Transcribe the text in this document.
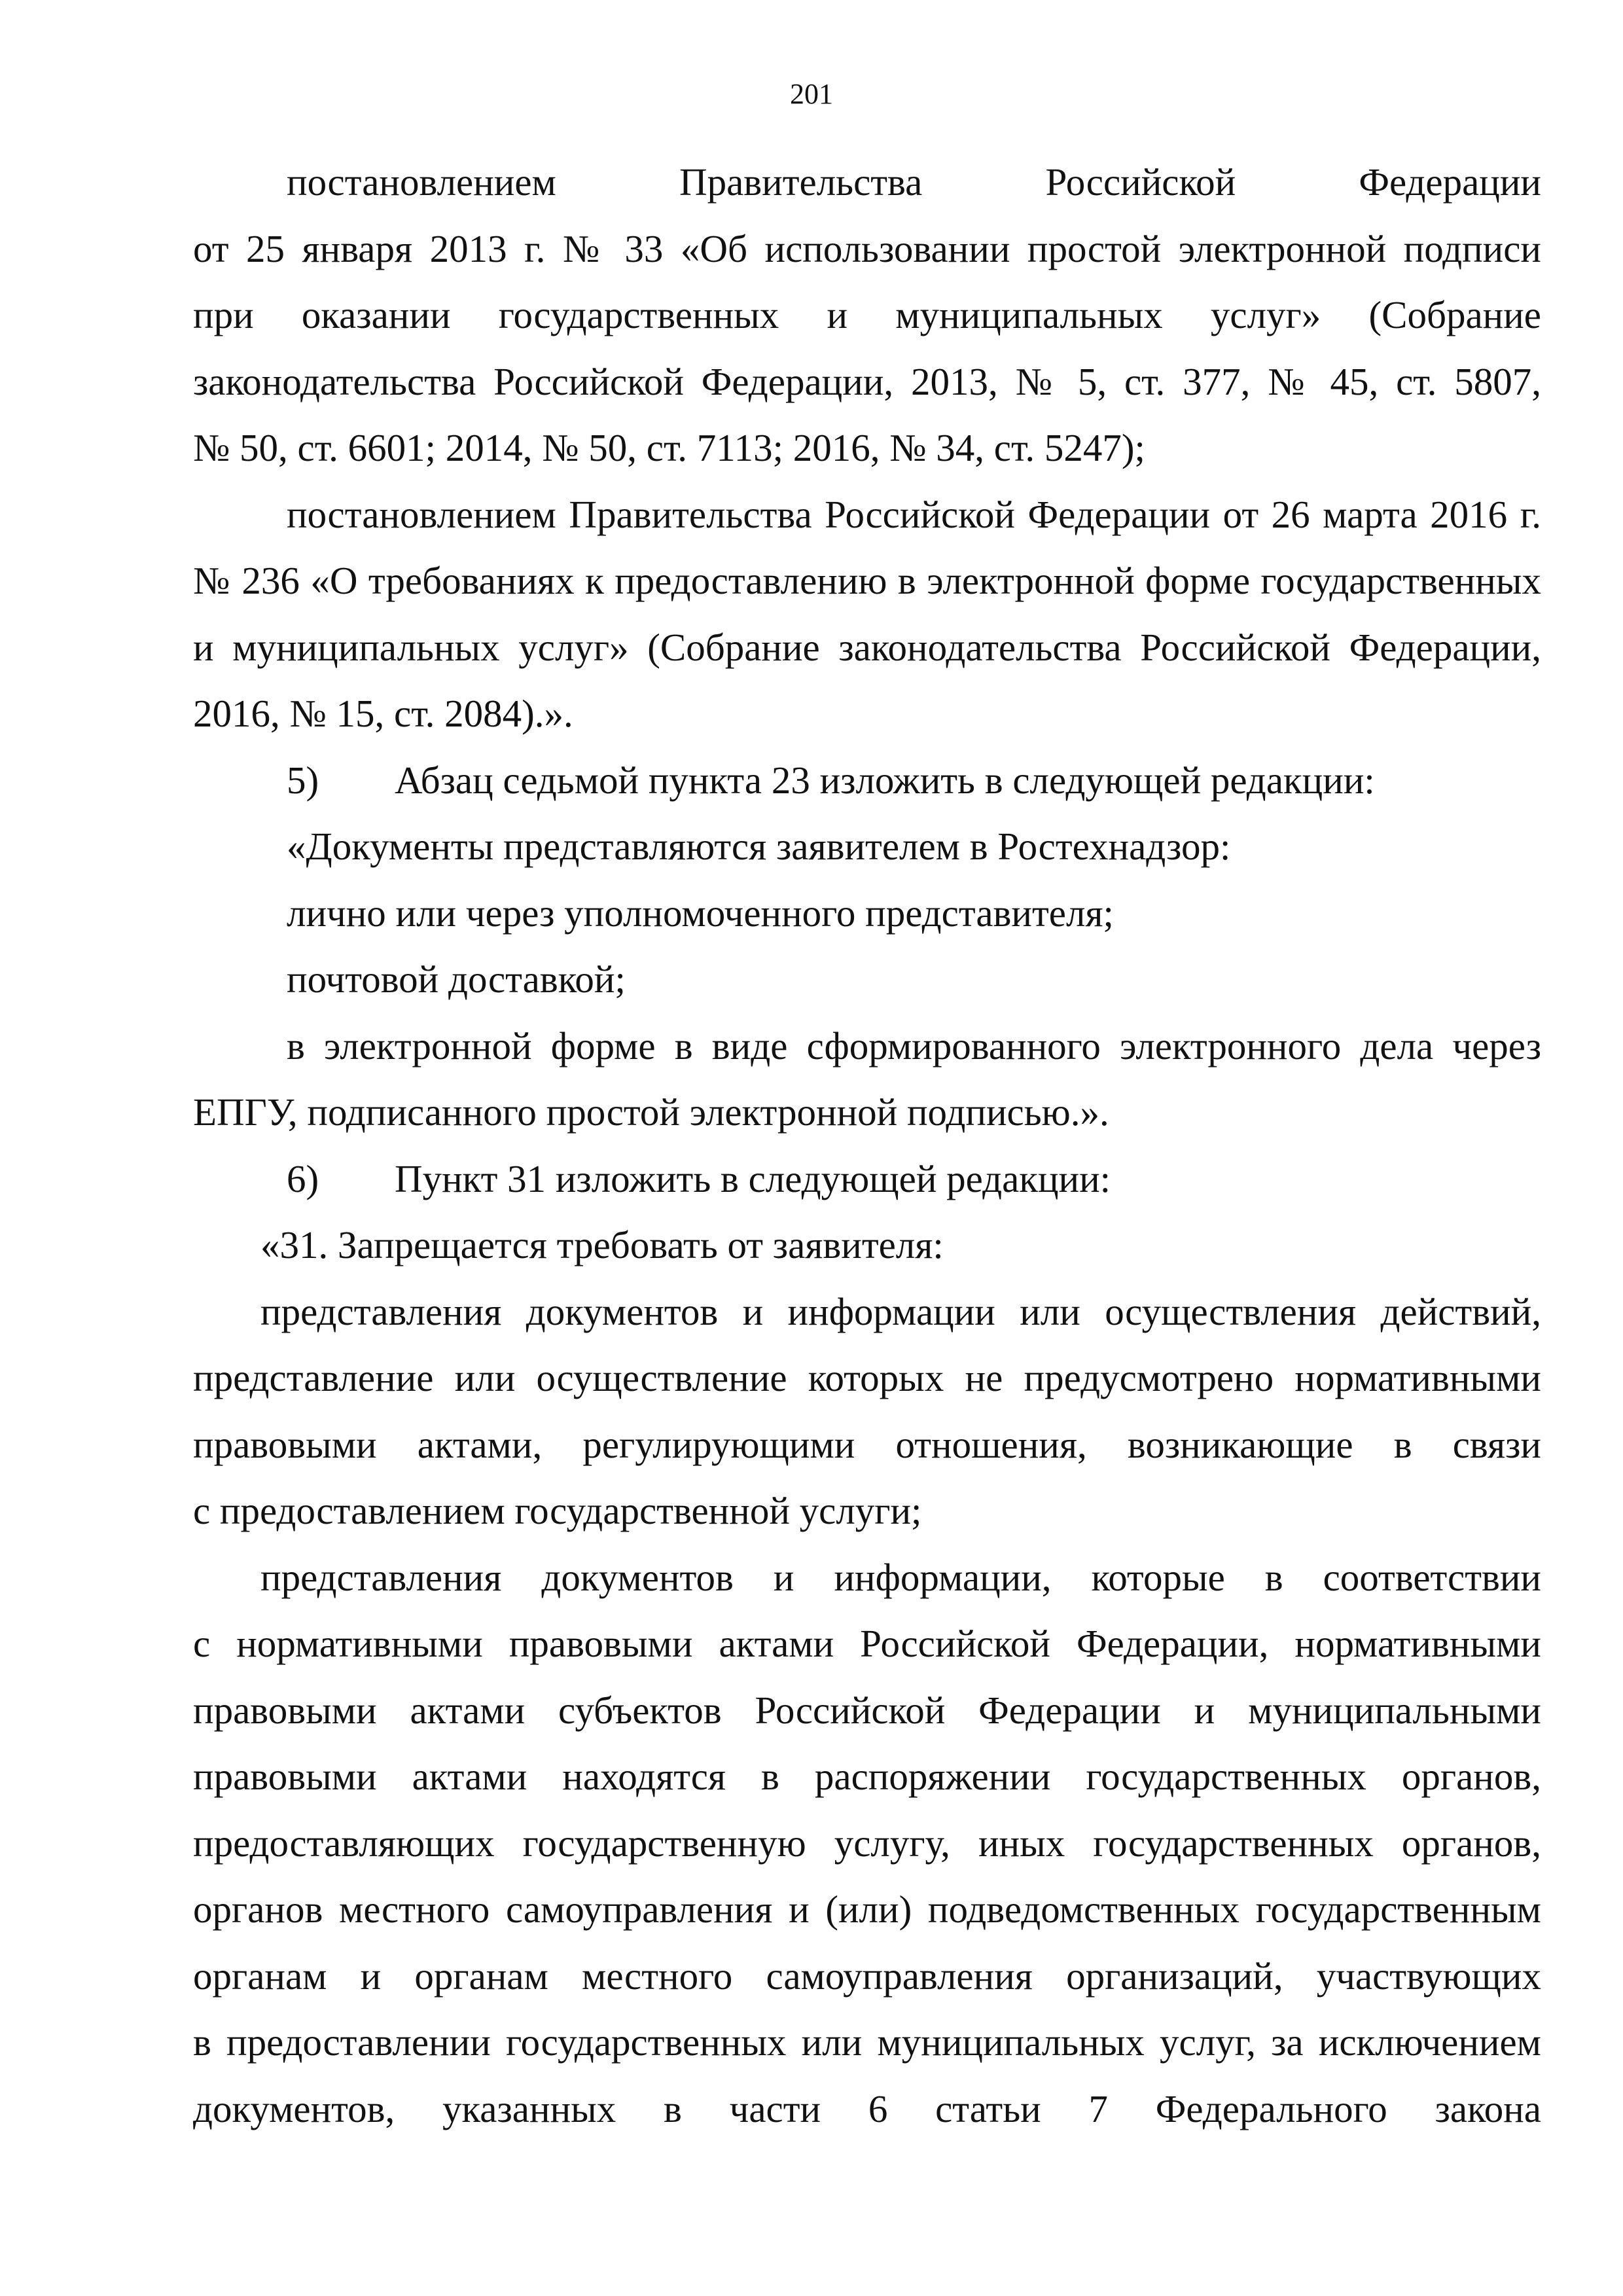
201
постановлением Правительства Российской Федерации
от 25 января 2013 г. № 33 «Об использовании простой электронной подписи
при оказании государственных и муниципальных услуг» (Собрание
законодательства Российской Федерации, 2013, № 5, ст. 377, № 45, ст. 5807,
№ 50, ст. 6601; 2014, № 50, ст. 7113; 2016, № 34, ст. 5247);
постановлением Правительства Российской Федерации от 26 марта 2016 г.
№ 236 «О требованиях к предоставлению в электронной форме государственных
и муниципальных услуг» (Собрание законодательства Российской Федерации,
2016, № 15, ст. 2084).».
5) Абзац седьмой пункта 23 изложить в следующей редакции:
«Документы представляются заявителем в Ростехнадзор:
лично или через уполномоченного представителя;
почтовой доставкой;
в электронной форме в виде сформированного электронного дела через
ЕПГУ, подписанного простой электронной подписью.».
6) Пункт 31 изложить в следующей редакции:
«31. Запрещается требовать от заявителя:
представления документов и информации или осуществления действий,
представление или осуществление которых не предусмотрено нормативными
правовыми актами, регулирующими отношения, возникающие в связи
с предоставлением государственной услуги;
представления документов и информации, которые в соответствии
с нормативными правовыми актами Российской Федерации, нормативными
правовыми актами субъектов Российской Федерации и муниципальными
правовыми актами находятся в распоряжении государственных органов,
предоставляющих государственную услугу, иных государственных органов,
органов местного самоуправления и (или) подведомственных государственным
органам и органам местного самоуправления организаций, участвующих
в предоставлении государственных или муниципальных услуг, за исключением
документов, указанных в части 6 статьи 7 Федерального закона
